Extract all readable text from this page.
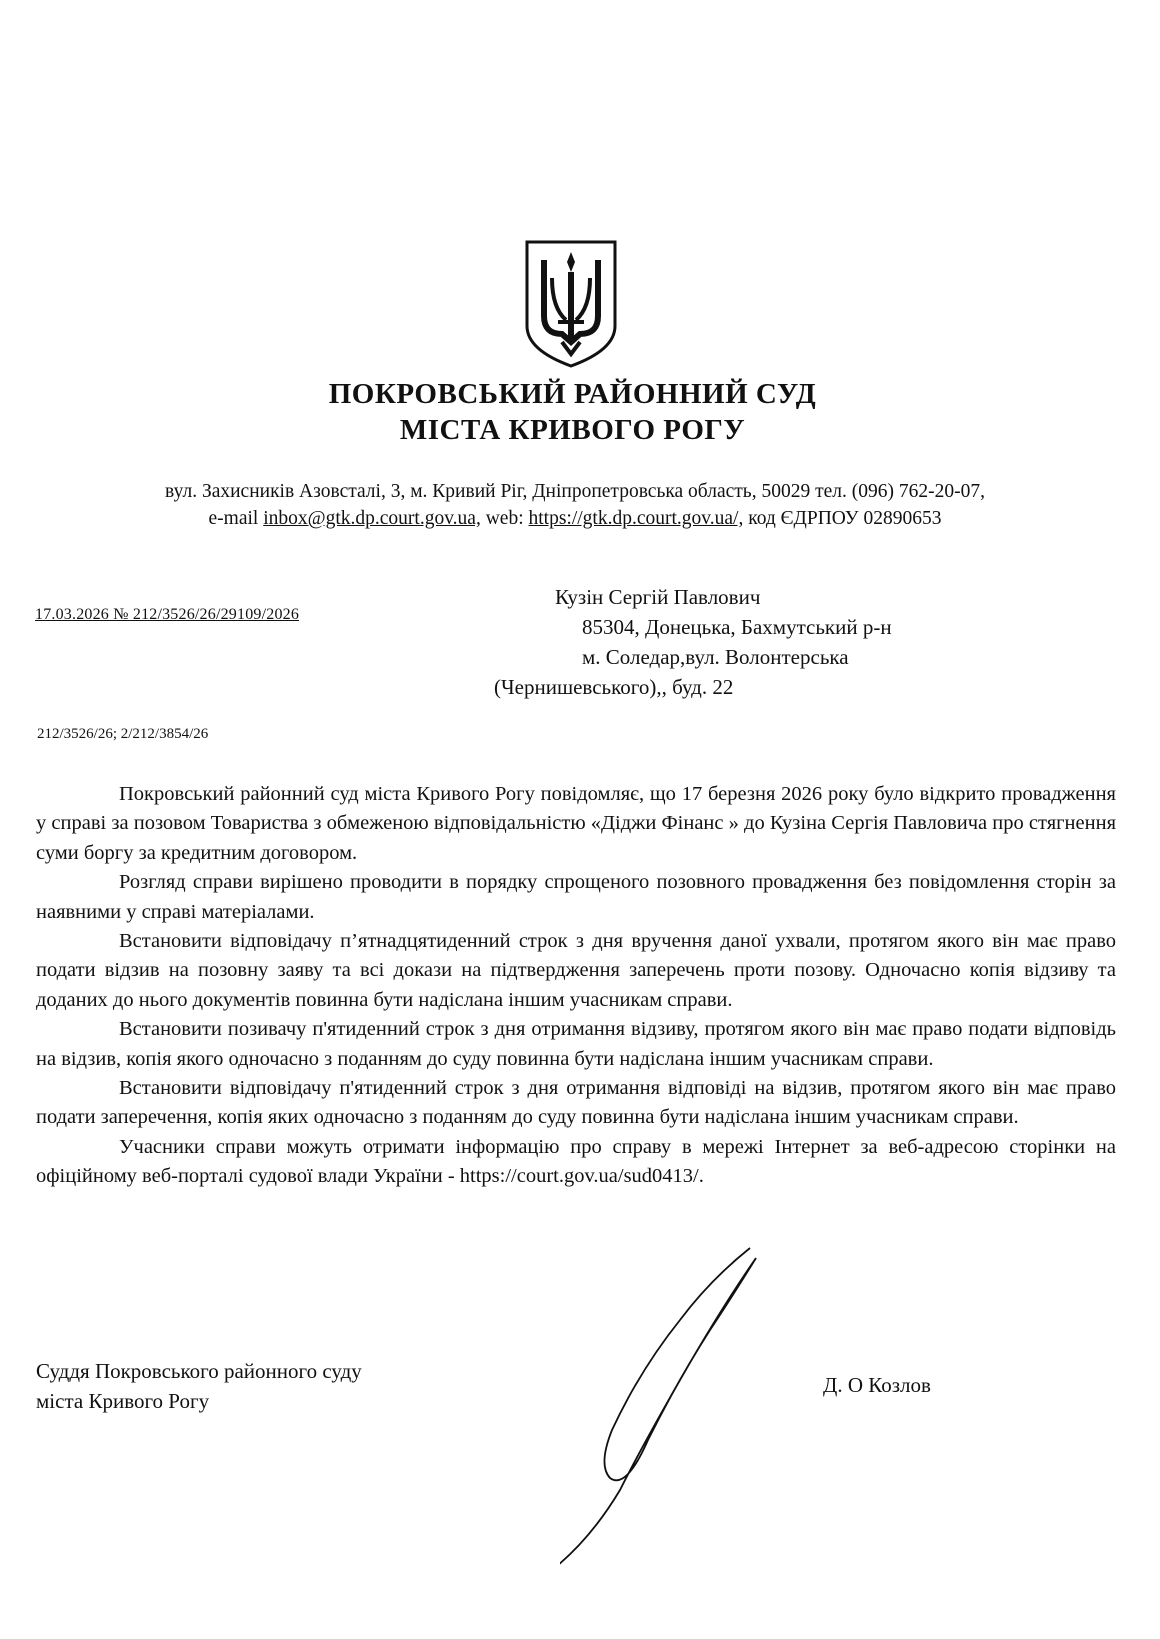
ПОКРОВСЬКИЙ РАЙОННИЙ СУД
МІСТА КРИВОГО РОГУ
вул. Захисників Азовсталі, 3, м. Кривий Ріг, Дніпропетровська область, 50029 тел. (096) 762-20-07,
e-mail inbox@gtk.dp.court.gov.ua, web: https://gtk.dp.court.gov.ua/, код ЄДРПОУ 02890653
17.03.2026 № 212/3526/26/29109/2026
212/3526/26; 2/212/3854/26
Кузін Сергій Павлович
85304, Донецька, Бахмутський р-н
м. Соледар,вул. Волонтерська
(Чернишевського),, буд. 22

Покровський районний суд міста Кривого Рогу повідомляє, що 17 березня 2026 року було відкрито провадження у справі за позовом Товариства з обмеженою відповідальністю «Діджи Фінанс » до Кузіна Сергія Павловича про стягнення суми боргу за кредитним договором.

Розгляд справи вирішено проводити в порядку спрощеного позовного провадження без повідомлення сторін за наявними у справі матеріалами.

Встановити відповідачу п’ятнадцятиденний строк з дня вручення даної ухвали, протягом якого він має право подати відзив на позовну заяву та всі докази на підтвердження заперечень проти позову. Одночасно копія відзиву та доданих до нього документів повинна бути надіслана іншим учасникам справи.

Встановити позивачу п'ятиденний строк з дня отримання відзиву, протягом якого він має право подати відповідь на відзив, копія якого одночасно з поданням до суду повинна бути надіслана іншим учасникам справи.

Встановити відповідачу п'ятиденний строк з дня отримання відповіді на відзив, протягом якого він має право подати заперечення, копія яких одночасно з поданням до суду повинна бути надіслана іншим учасникам справи.

Учасники справи можуть отримати інформацію про справу в мережі Інтернет за веб-адресою сторінки на офіційному веб-порталі судової влади України - https://court.gov.ua/sud0413/.

Суддя Покровського районного суду
міста Кривого Рогу
Д. О Козлов
